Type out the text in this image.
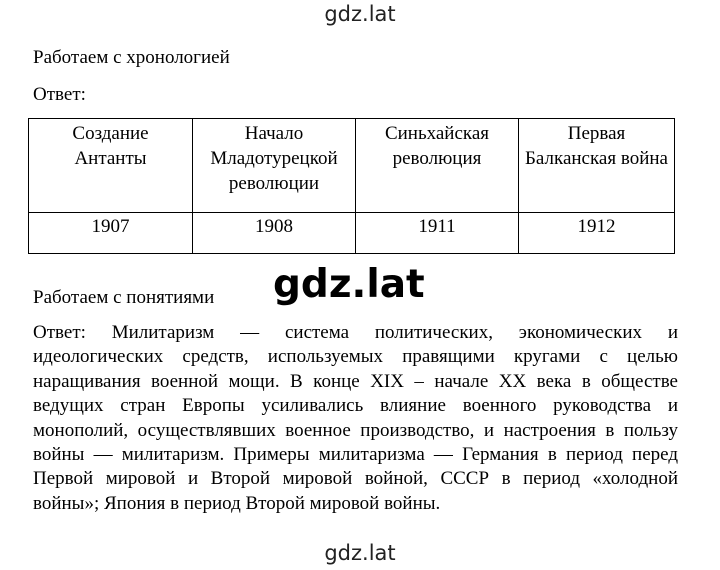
gdz.lat
Работаем с хронологией
Ответ:
Создание Антанты	Начало Младотурецкой революции	Синьхайская революция	Первая Балканская война

1907	1908	1911	1912
Работаем с понятиями gdz.lat
Ответ: Милитаризм — система политических, экономических и идеологических средств, используемых правящими кругами с целью наращивания военной мощи. В конце XIX – начале XX века в обществе ведущих стран Европы усиливались влияние военного руководства и монополий, осуществлявших военное производство, и настроения в пользу войны — милитаризм. Примеры милитаризма — Германия в период перед Первой мировой и Второй мировой войной, СССР в период «холодной войны»; Япония в период Второй мировой войны.
gdz.lat
